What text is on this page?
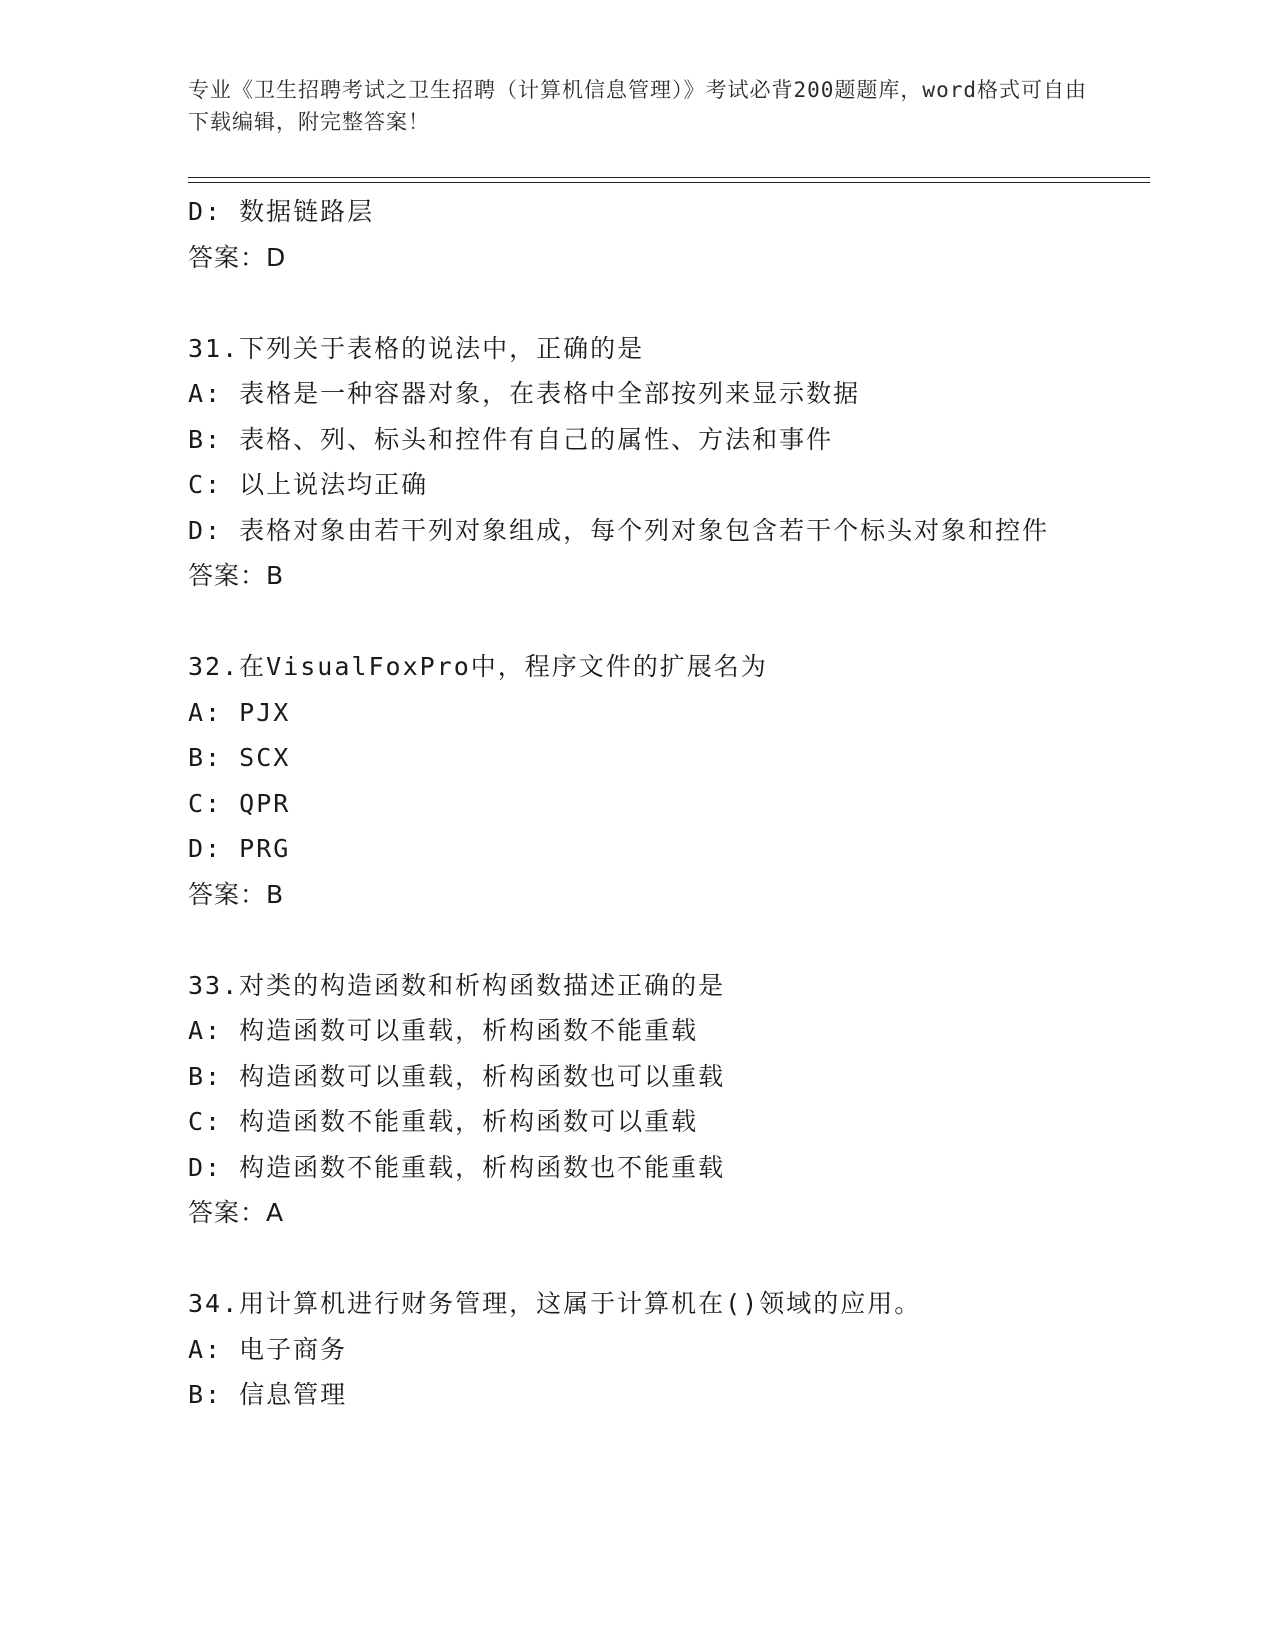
专业《卫生招聘考试之卫生招聘（计算机信息管理）》考试必背200题题库，word格式可自由下载编辑，附完整答案！
D: 数据链路层
答案：D
31.下列关于表格的说法中，正确的是
A: 表格是一种容器对象，在表格中全部按列来显示数据
B: 表格、列、标头和控件有自己的属性、方法和事件
C: 以上说法均正确
D: 表格对象由若干列对象组成，每个列对象包含若干个标头对象和控件
答案：B
32.在VisualFoxPro中，程序文件的扩展名为
A: PJX
B: SCX
C: QPR
D: PRG
答案：B
33.对类的构造函数和析构函数描述正确的是
A: 构造函数可以重载，析构函数不能重载
B: 构造函数可以重载，析构函数也可以重载
C: 构造函数不能重载，析构函数可以重载
D: 构造函数不能重载，析构函数也不能重载
答案：A
34.用计算机进行财务管理，这属于计算机在()领域的应用。
A: 电子商务
B: 信息管理
